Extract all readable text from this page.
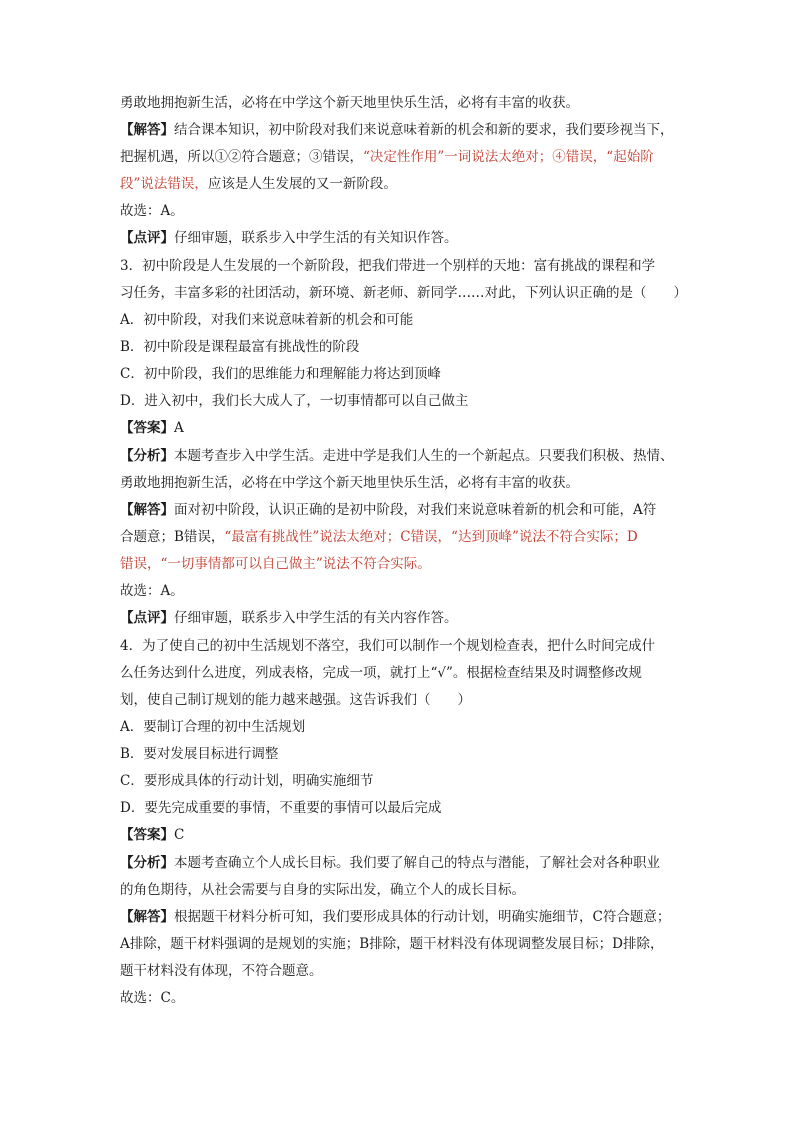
勇敢地拥抱新生活，必将在中学这个新天地里快乐生活，必将有丰富的收获。
【解答】结合课本知识，初中阶段对我们来说意味着新的机会和新的要求，我们要珍视当下，
把握机遇，所以①②符合题意；③错误，“决定性作用”一词说法太绝对；④错误，“起始阶
段”说法错误，应该是人生发展的又一新阶段。
故选：A。
【点评】仔细审题，联系步入中学生活的有关知识作答。
3．初中阶段是人生发展的一个新阶段，把我们带进一个别样的天地：富有挑战的课程和学
习任务，丰富多彩的社团活动，新环境、新老师、新同学……对此，下列认识正确的是（　　）
A．初中阶段，对我们来说意味着新的机会和可能
B．初中阶段是课程最富有挑战性的阶段
C．初中阶段，我们的思维能力和理解能力将达到顶峰
D．进入初中，我们长大成人了，一切事情都可以自己做主
【答案】A
【分析】本题考查步入中学生活。走进中学是我们人生的一个新起点。只要我们积极、热情、
勇敢地拥抱新生活，必将在中学这个新天地里快乐生活，必将有丰富的收获。
【解答】面对初中阶段，认识正确的是初中阶段，对我们来说意味着新的机会和可能，A符
合题意；B错误，“最富有挑战性”说法太绝对；C错误，“达到顶峰”说法不符合实际；D
错误，“一切事情都可以自己做主”说法不符合实际。
故选：A。
【点评】仔细审题，联系步入中学生活的有关内容作答。
4．为了使自己的初中生活规划不落空，我们可以制作一个规划检查表，把什么时间完成什
么任务达到什么进度，列成表格，完成一项，就打上“√”。根据检查结果及时调整修改规
划，使自己制订规划的能力越来越强。这告诉我们（　　）
A．要制订合理的初中生活规划
B．要对发展目标进行调整
C．要形成具体的行动计划，明确实施细节
D．要先完成重要的事情，不重要的事情可以最后完成
【答案】C
【分析】本题考查确立个人成长目标。我们要了解自己的特点与潜能，了解社会对各种职业
的角色期待，从社会需要与自身的实际出发，确立个人的成长目标。
【解答】根据题干材料分析可知，我们要形成具体的行动计划，明确实施细节，C符合题意；
A排除，题干材料强调的是规划的实施；B排除，题干材料没有体现调整发展目标；D排除，
题干材料没有体现，不符合题意。
故选：C。
